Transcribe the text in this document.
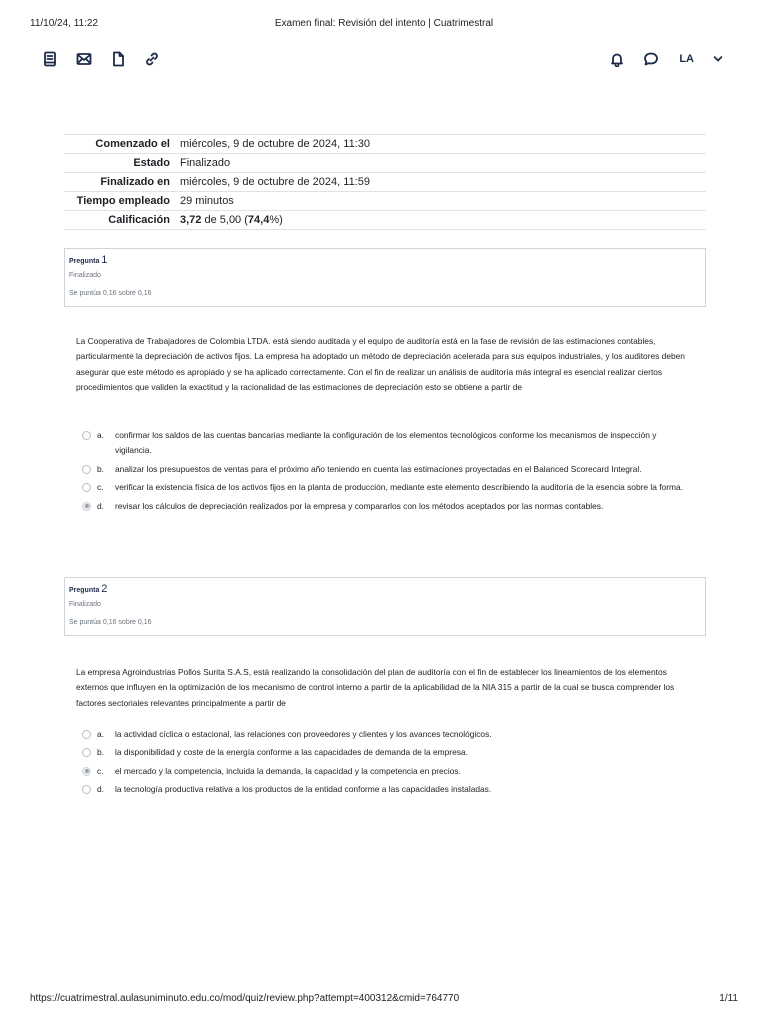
11/10/24, 11:22	Examen final: Revisión del intento | Cuatrimestral
LA
Comenzado el	miércoles, 9 de octubre de 2024, 11:30
Estado	Finalizado
Finalizado en	miércoles, 9 de octubre de 2024, 11:59
Tiempo empleado	29 minutos
Calificación	3,72 de 5,00 (74,4%)
Pregunta 1
Finalizado
Se puntúa 0,16 sobre 0,16
La Cooperativa de Trabajadores de Colombia LTDA. está siendo auditada y el equipo de auditoría está en la fase de revisión de las estimaciones contables, particularmente la depreciación de activos fijos. La empresa ha adoptado un método de depreciación acelerada para sus equipos industriales, y los auditores deben asegurar que este método es apropiado y se ha aplicado correctamente. Con el fin de realizar un análisis de auditoría más integral es esencial realizar ciertos procedimientos que validen la exactitud y la racionalidad de las estimaciones de depreciación esto se obtiene a partir de
a.	confirmar los saldos de las cuentas bancarias mediante la configuración de los elementos tecnológicos conforme los mecanismos de inspección y vigilancia.
b.	analizar los presupuestos de ventas para el próximo año teniendo en cuenta las estimaciones proyectadas en el Balanced Scorecard Integral.
c.	verificar la existencia física de los activos fijos en la planta de producción, mediante este elemento describiendo la auditoría de la esencia sobre la forma.
d.	revisar los cálculos de depreciación realizados por la empresa y compararlos con los métodos aceptados por las normas contables.
Pregunta 2
Finalizado
Se puntúa 0,16 sobre 0,16
La empresa Agroindustrias Pollos Surita S.A.S, está realizando la consolidación del plan de auditoría con el fin de establecer los lineamientos de los elementos externos que influyen en la optimización de los mecanismo de control interno a partir de la aplicabilidad de la NIA 315 a partir de la cual se busca comprender los factores sectoriales relevantes principalmente a partir de
a.	la actividad cíclica o estacional, las relaciones con proveedores y clientes y los avances tecnológicos.
b.	la disponibilidad y coste de la energía conforme a las capacidades de demanda de la empresa.
c.	el mercado y la competencia, incluida la demanda, la capacidad y la competencia en precios.
d.	la tecnología productiva relativa a los productos de la entidad conforme a las capacidades instaladas.
https://cuatrimestral.aulasuniminuto.edu.co/mod/quiz/review.php?attempt=400312&cmid=764770	1/11
